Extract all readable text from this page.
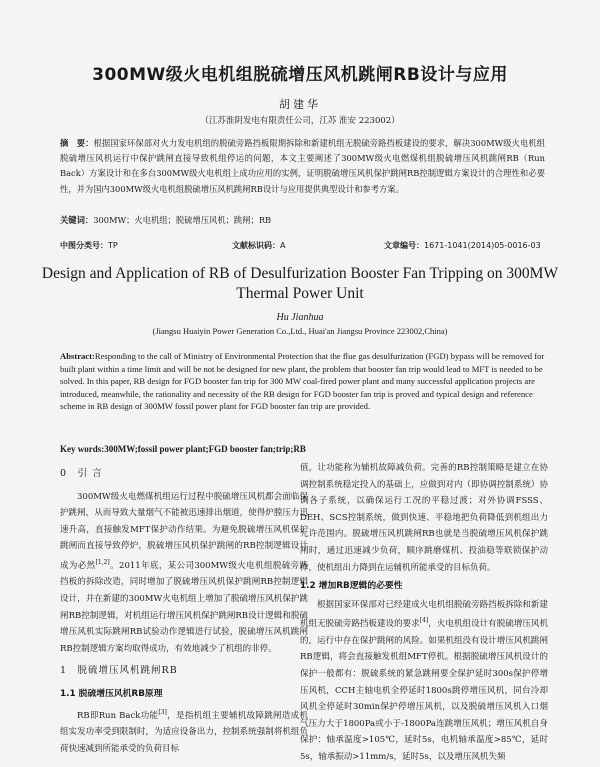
300MW级火电机组脱硫增压风机跳闸RB设计与应用
胡建华
（江苏淮阴发电有限责任公司，江苏 淮安 223002）
摘　要：根据国家环保部对火力发电机组的脱硫旁路挡板限期拆除和新建机组无脱硫旁路挡板建设的要求，解决300MW级火电机组脱硫增压风机运行中保护跳闸直接导致机组停运的问题，本文主要阐述了300MW级火电燃煤机组脱硫增压风机跳闸RB（Run Back）方案设计和在多台300MW级火电机组上成功应用的实例，证明脱硫增压风机保护跳闸RB控制逻辑方案设计的合理性和必要性，并为国内300MW级火电机组脱硫增压风机跳闸RB设计与应用提供典型设计和参考方案。
关键词：300MW；火电机组；脱硫增压风机；跳闸；RB
中图分类号：TP	文献标识码：A	文章编号：1671-1041(2014)05-0016-03
Design and Application of RB of Desulfurization Booster Fan Tripping on 300MW Thermal Power Unit
Hu Jianhua
(Jiangsu Huaiyin Power Generation Co.,Ltd., Huai'an Jiangsu Province 223002,China)
Abstract:Responding to the call of Ministry of Environmental Protection that the flue gas desulfurization (FGD) bypass will be removed for built plant within a time limit and will be not be designed for new plant, the problem that booster fan trip would lead to MFT is needed to be solved. In this paper, RB design for FGD booster fan trip for 300 MW coal-fired power plant and many successful application projects are introduced, meanwhile, the rationality and necessity of the RB design for FGD booster fan trip is proved and typical design and reference scheme in RB design of 300MW fossil power plant for FGD booster fan trip are provided.
Key words:300MW;fossil power plant;FGD booster fan;trip;RB
0　引 言

300MW级火电燃煤机组运行过程中脱硫增压风机都会面临保护跳闸，从而导致大量烟气不能被迅速排出烟道，使得炉膛压力迅速升高，直接触发MFT保护动作结果。为避免脱硫增压风机保护跳闸而直接导致停炉，脱硫增压风机保护跳闸的RB控制逻辑设计成为必然[1,2]。2011年底，某公司300MW级火电机组脱硫旁路挡板的拆除改造，同时增加了脱硫增压风机保护跳闸RB控制逻辑设计，并在新建的300MW火电机组上增加了脱硫增压风机保护跳闸RB控制逻辑，对机组运行增压风机保护跳闸RB设计逻辑和脱硫增压风机实际跳闸RB试验动作逻辑进行试验，脱硫增压风机跳闸RB控制逻辑方案均取得成功，有效地减少了机组的非停。

1　脱硫增压风机跳闸RB
1.1 脱硫增压风机RB原理

RB即Run Back功能[3]，是指机组主要辅机故障跳闸造成机组实发功率受到限制时，为适应设备出力，控制系统强制将机组负荷快速减到所能承受的负荷目标

值，让功能称为辅机故障减负荷。完善的RB控制策略是建立在协调控制系统稳定投入的基础上，应做到对内（即协调控制系统）协调各子系统，以确保运行工况的平稳过渡；对外协调FSSS、DEH、SCS控制系统，做到快速、平稳地把负荷降低到机组出力允许范围内。脱硫增压风机跳闸RB也就是当脱硫增压风机保护跳闸时，通过迅速减少负荷，顺序跳磨煤机、投油稳等联锁保护动作，使机组出力降到在运辅机所能承受的目标负荷。

1.2 增加RB逻辑的必要性

根据国家环保部对已经建成火电机组脱硫旁路挡板拆除和新建机组无脱硫旁路挡板建设的要求[4]，火电机组设计有脱硫增压风机的，运行中存在保护跳闸的风险。如果机组没有设计增压风机跳闸RB逻辑，将会直接触发机组MFT停机。根据脱硫增压风机设计的保护一般都有：脱硫系统的紧急跳闸要全保护延时300s保护停增压风机，CCH主轴电机全停延时1800s跳停增压风机，同台冷却风机全停延时30min保护停增压风机，以及脱硫增压风机入口烟气压力大于1800Pa或小于-1800Pa连跳增压风机；增压风机自身保护：轴承温度>105℃，延时5s，电机轴承温度>85℃，延时5s，轴承振动>11mm/s，延时5s，以及增压风机失频
